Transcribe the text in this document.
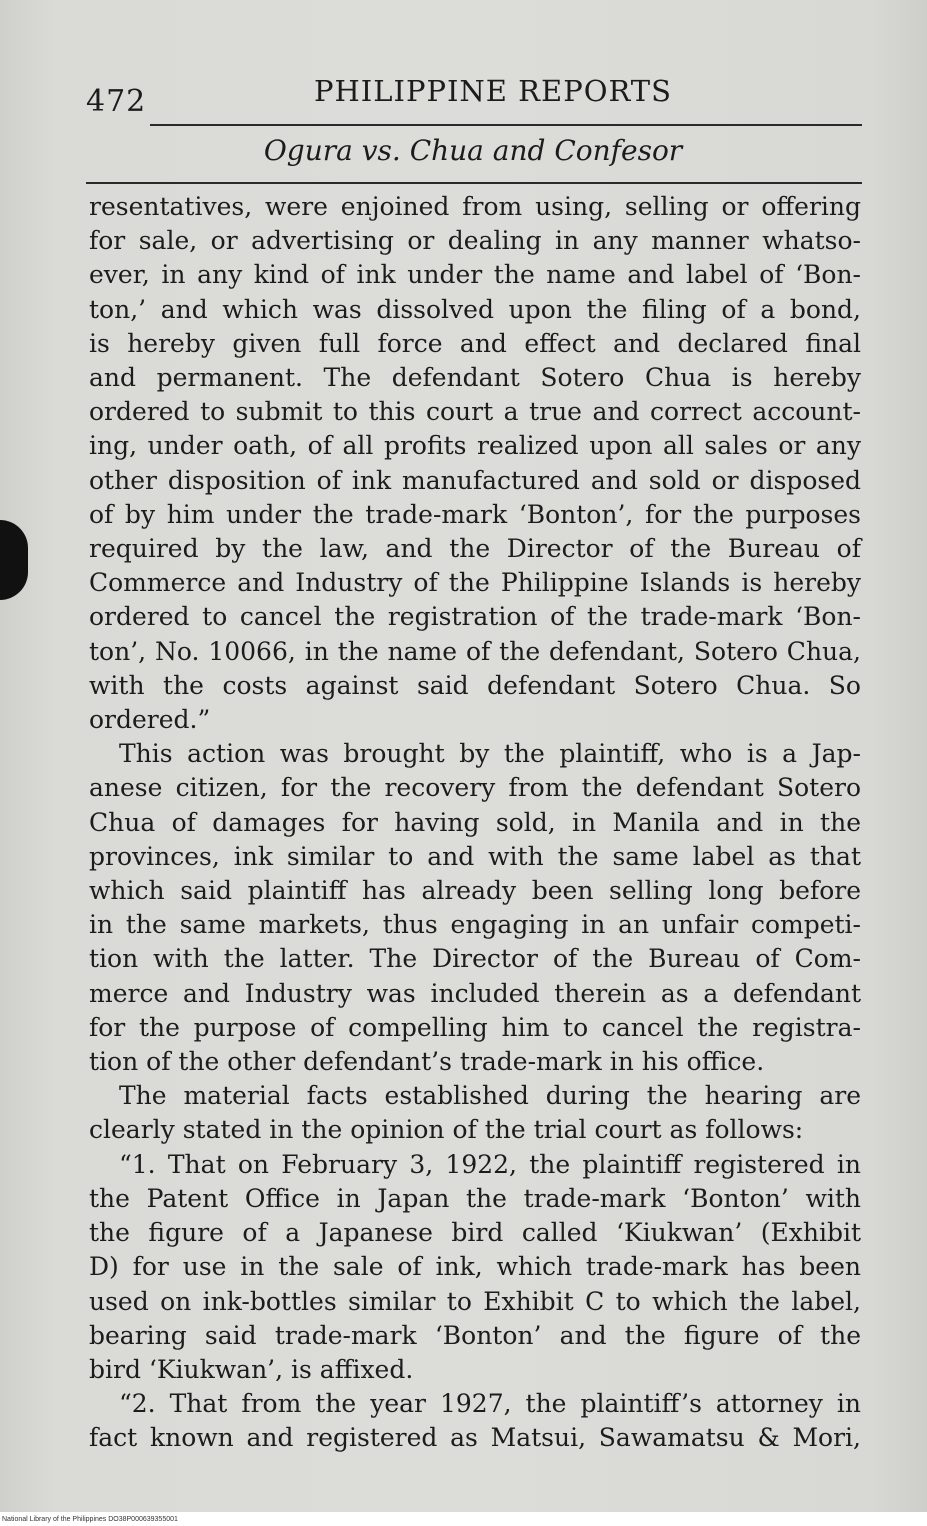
472	PHILIPPINE REPORTS
Ogura vs. Chua and Confesor
resentatives, were enjoined from using, selling or offering
for sale, or advertising or dealing in any manner whatso-
ever, in any kind of ink under the name and label of ‘Bon-
ton,’ and which was dissolved upon the filing of a bond,
is hereby given full force and effect and declared final
and permanent. The defendant Sotero Chua is hereby
ordered to submit to this court a true and correct account-
ing, under oath, of all profits realized upon all sales or any
other disposition of ink manufactured and sold or disposed
of by him under the trade-mark ‘Bonton’, for the purposes
required by the law, and the Director of the Bureau of
Commerce and Industry of the Philippine Islands is hereby
ordered to cancel the registration of the trade-mark ‘Bon-
ton’, No. 10066, in the name of the defendant, Sotero Chua,
with the costs against said defendant Sotero Chua. So
ordered.”
This action was brought by the plaintiff, who is a Jap-
anese citizen, for the recovery from the defendant Sotero
Chua of damages for having sold, in Manila and in the
provinces, ink similar to and with the same label as that
which said plaintiff has already been selling long before
in the same markets, thus engaging in an unfair competi-
tion with the latter. The Director of the Bureau of Com-
merce and Industry was included therein as a defendant
for the purpose of compelling him to cancel the registra-
tion of the other defendant’s trade-mark in his office.
The material facts established during the hearing are
clearly stated in the opinion of the trial court as follows:
“1. That on February 3, 1922, the plaintiff registered in
the Patent Office in Japan the trade-mark ‘Bonton’ with
the figure of a Japanese bird called ‘Kiukwan’ (Exhibit
D) for use in the sale of ink, which trade-mark has been
used on ink-bottles similar to Exhibit C to which the label,
bearing said trade-mark ‘Bonton’ and the figure of the
bird ‘Kiukwan’, is affixed.
“2. That from the year 1927, the plaintiff’s attorney in
fact known and registered as Matsui, Sawamatsu & Mori,
National Library of the Philippines DO38P000639355001
